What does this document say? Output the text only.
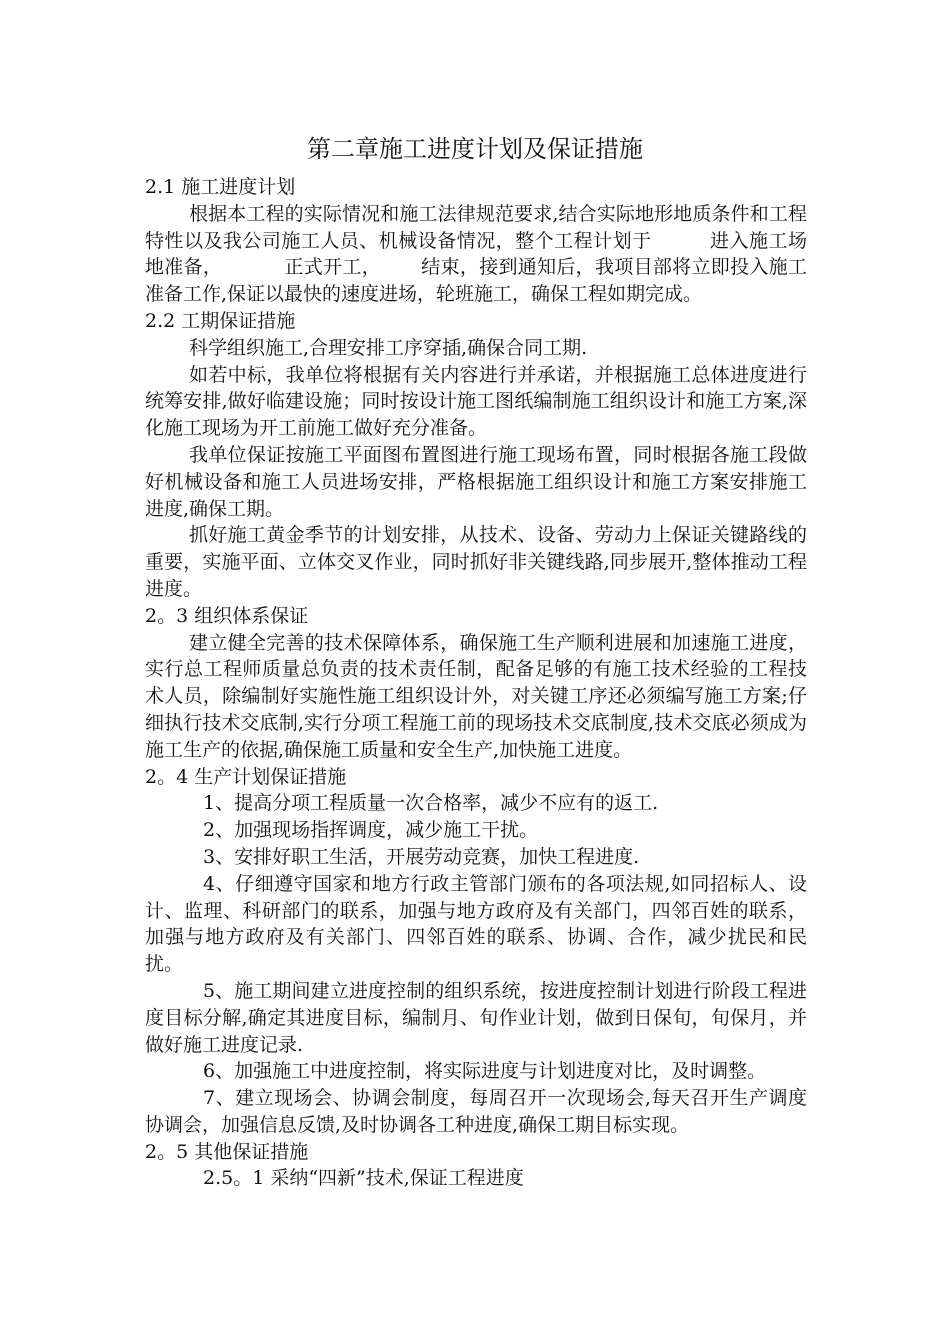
第二章施工进度计划及保证措施

2.1 施工进度计划

根据本工程的实际情况和施工法律规范要求,结合实际地形地质条件和工程特性以及我公司施工人员、机械设备情况，整个工程计划于	进入施工场地准备，	正式开工， 结束，接到通知后，我项目部将立即投入施工准备工作,保证以最快的速度进场，轮班施工，确保工程如期完成。

2.2 工期保证措施

科学组织施工,合理安排工序穿插,确保合同工期.

如若中标，我单位将根据有关内容进行并承诺，并根据施工总体进度进行统筹安排,做好临建设施；同时按设计施工图纸编制施工组织设计和施工方案,深化施工现场为开工前施工做好充分准备。

我单位保证按施工平面图布置图进行施工现场布置，同时根据各施工段做好机械设备和施工人员进场安排，严格根据施工组织设计和施工方案安排施工进度,确保工期。

抓好施工黄金季节的计划安排，从技术、设备、劳动力上保证关键路线的重要，实施平面、立体交叉作业，同时抓好非关键线路,同步展开,整体推动工程进度。

2。3 组织体系保证

建立健全完善的技术保障体系，确保施工生产顺利进展和加速施工进度，实行总工程师质量总负责的技术责任制，配备足够的有施工技术经验的工程技术人员，除编制好实施性施工组织设计外，对关键工序还必须编写施工方案;仔细执行技术交底制,实行分项工程施工前的现场技术交底制度,技术交底必须成为施工生产的依据,确保施工质量和安全生产,加快施工进度。

2。4 生产计划保证措施

1、提高分项工程质量一次合格率，减少不应有的返工.

2、加强现场指挥调度，减少施工干扰。

3、安排好职工生活，开展劳动竞赛，加快工程进度.

4、仔细遵守国家和地方行政主管部门颁布的各项法规,如同招标人、设计、监理、科研部门的联系，加强与地方政府及有关部门，四邻百姓的联系，加强与地方政府及有关部门、四邻百姓的联系、协调、合作，减少扰民和民扰。

5、施工期间建立进度控制的组织系统，按进度控制计划进行阶段工程进度目标分解,确定其进度目标，编制月、旬作业计划，做到日保旬，旬保月，并做好施工进度记录.

6、加强施工中进度控制，将实际进度与计划进度对比，及时调整。

7、建立现场会、协调会制度，每周召开一次现场会,每天召开生产调度协调会，加强信息反馈,及时协调各工种进度,确保工期目标实现。

2。5 其他保证措施

2.5。1 采纳“四新”技术,保证工程进度
